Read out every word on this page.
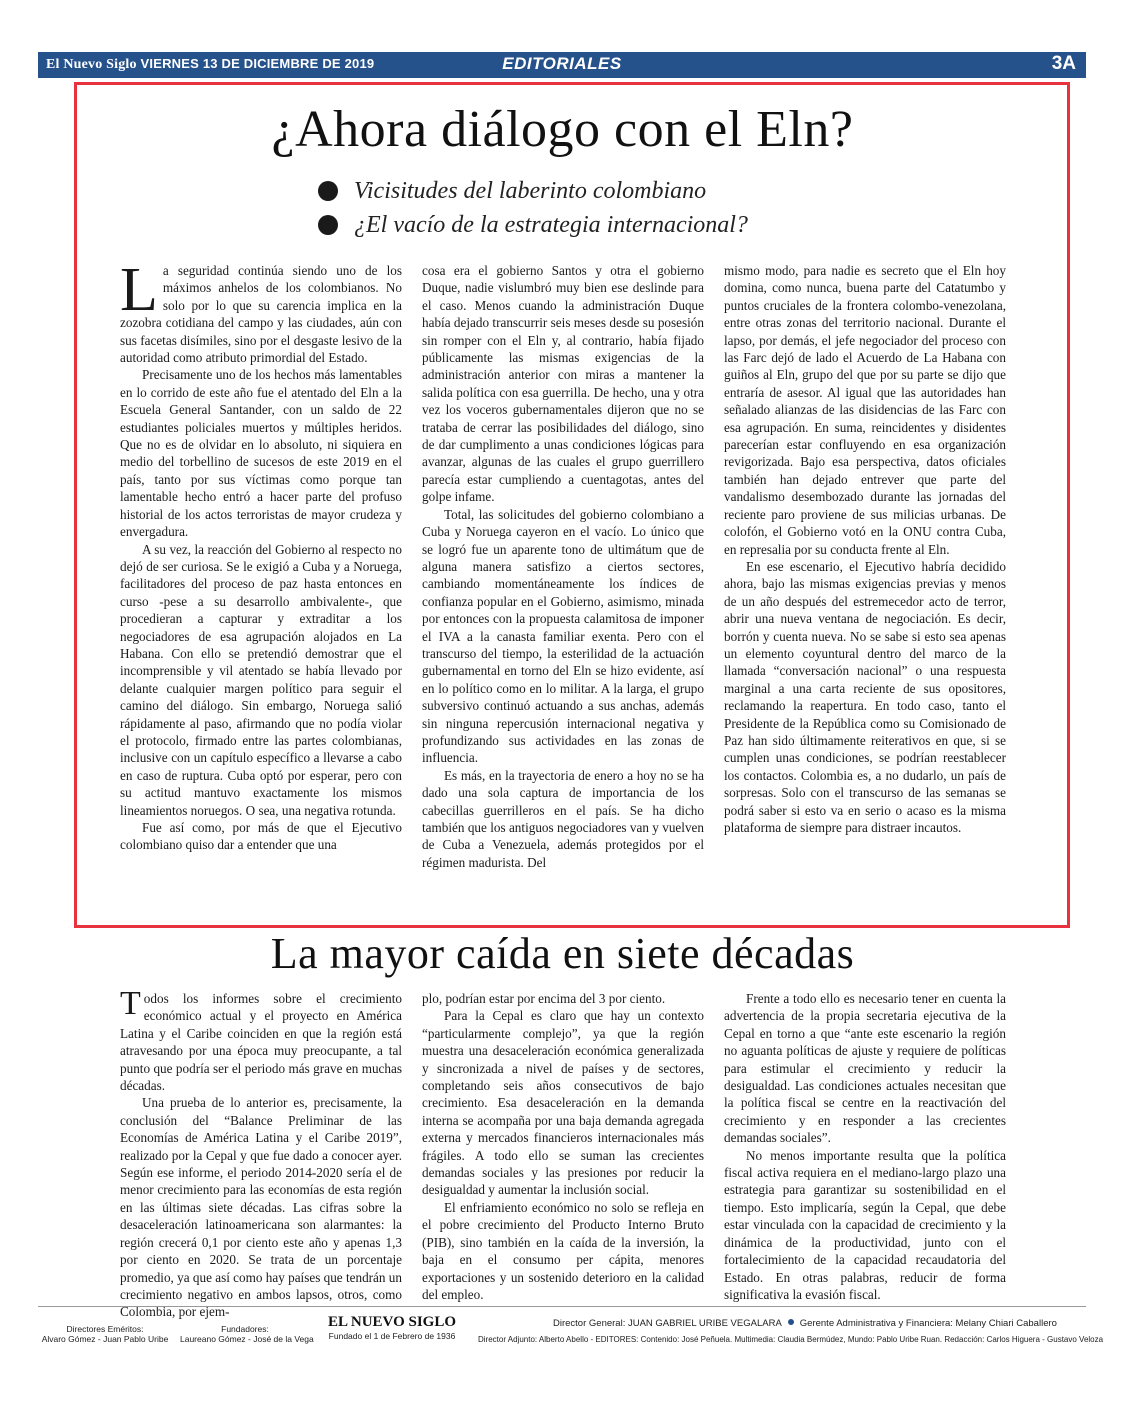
El Nuevo Siglo VIERNES 13 DE DICIEMBRE DE 2019	EDITORIALES	3A
¿Ahora diálogo con el Eln?
Vicisitudes del laberinto colombiano
¿El vacío de la estrategia internacional?

La seguridad continúa siendo uno de los máximos anhelos de los colombianos. No solo por lo que su carencia implica en la zozobra cotidiana del campo y las ciudades, aún con sus facetas disímiles, sino por el desgaste lesivo de la autoridad como atributo primordial del Estado.

Precisamente uno de los hechos más lamentables en lo corrido de este año fue el atentado del Eln a la Escuela General Santander, con un saldo de 22 estudiantes policiales muertos y múltiples heridos. Que no es de olvidar en lo absoluto, ni siquiera en medio del torbellino de sucesos de este 2019 en el país, tanto por sus víctimas como porque tan lamentable hecho entró a hacer parte del profuso historial de los actos terroristas de mayor crudeza y envergadura.

A su vez, la reacción del Gobierno al respecto no dejó de ser curiosa. Se le exigió a Cuba y a Noruega, facilitadores del proceso de paz hasta entonces en curso -pese a su desarrollo ambivalente-, que procedieran a capturar y extraditar a los negociadores de esa agrupación alojados en La Habana. Con ello se pretendió demostrar que el incomprensible y vil atentado se había llevado por delante cualquier margen político para seguir el camino del diálogo. Sin embargo, Noruega salió rápidamente al paso, afirmando que no podía violar el protocolo, firmado entre las partes colombianas, inclusive con un capítulo específico a llevarse a cabo en caso de ruptura. Cuba optó por esperar, pero con su actitud mantuvo exactamente los mismos lineamientos noruegos. O sea, una negativa rotunda.

Fue así como, por más de que el Ejecutivo colombiano quiso dar a entender que una

cosa era el gobierno Santos y otra el gobierno Duque, nadie vislumbró muy bien ese deslinde para el caso. Menos cuando la administración Duque había dejado transcurrir seis meses desde su posesión sin romper con el Eln y, al contrario, había fijado públicamente las mismas exigencias de la administración anterior con miras a mantener la salida política con esa guerrilla. De hecho, una y otra vez los voceros gubernamentales dijeron que no se trataba de cerrar las posibilidades del diálogo, sino de dar cumplimento a unas condiciones lógicas para avanzar, algunas de las cuales el grupo guerrillero parecía estar cumpliendo a cuentagotas, antes del golpe infame.

Total, las solicitudes del gobierno colombiano a Cuba y Noruega cayeron en el vacío. Lo único que se logró fue un aparente tono de ultimátum que de alguna manera satisfizo a ciertos sectores, cambiando momentáneamente los índices de confianza popular en el Gobierno, asimismo, minada por entonces con la propuesta calamitosa de imponer el IVA a la canasta familiar exenta. Pero con el transcurso del tiempo, la esterilidad de la actuación gubernamental en torno del Eln se hizo evidente, así en lo político como en lo militar. A la larga, el grupo subversivo continuó actuando a sus anchas, además sin ninguna repercusión internacional negativa y profundizando sus actividades en las zonas de influencia.

Es más, en la trayectoria de enero a hoy no se ha dado una sola captura de importancia de los cabecillas guerrilleros en el país. Se ha dicho también que los antiguos negociadores van y vuelven de Cuba a Venezuela, además protegidos por el régimen madurista. Del

mismo modo, para nadie es secreto que el Eln hoy domina, como nunca, buena parte del Catatumbo y puntos cruciales de la frontera colombo-venezolana, entre otras zonas del territorio nacional. Durante el lapso, por demás, el jefe negociador del proceso con las Farc dejó de lado el Acuerdo de La Habana con guiños al Eln, grupo del que por su parte se dijo que entraría de asesor. Al igual que las autoridades han señalado alianzas de las disidencias de las Farc con esa agrupación. En suma, reincidentes y disidentes parecerían estar confluyendo en esa organización revigorizada. Bajo esa perspectiva, datos oficiales también han dejado entrever que parte del vandalismo desembozado durante las jornadas del reciente paro proviene de sus milicias urbanas. De colofón, el Gobierno votó en la ONU contra Cuba, en represalia por su conducta frente al Eln.

En ese escenario, el Ejecutivo habría decidido ahora, bajo las mismas exigencias previas y menos de un año después del estremecedor acto de terror, abrir una nueva ventana de negociación. Es decir, borrón y cuenta nueva. No se sabe si esto sea apenas un elemento coyuntural dentro del marco de la llamada “conversación nacional” o una respuesta marginal a una carta reciente de sus opositores, reclamando la reapertura. En todo caso, tanto el Presidente de la República como su Comisionado de Paz han sido últimamente reiterativos en que, si se cumplen unas condiciones, se podrían reestablecer los contactos. Colombia es, a no dudarlo, un país de sorpresas. Solo con el transcurso de las semanas se podrá saber si esto va en serio o acaso es la misma plataforma de siempre para distraer incautos.

La mayor caída en siete décadas

Todos los informes sobre el crecimiento económico actual y el proyecto en América Latina y el Caribe coinciden en que la región está atravesando por una época muy preocupante, a tal punto que podría ser el periodo más grave en muchas décadas.

Una prueba de lo anterior es, precisamente, la conclusión del “Balance Preliminar de las Economías de América Latina y el Caribe 2019”, realizado por la Cepal y que fue dado a conocer ayer. Según ese informe, el periodo 2014-2020 sería el de menor crecimiento para las economías de esta región en las últimas siete décadas. Las cifras sobre la desaceleración latinoamericana son alarmantes: la región crecerá 0,1 por ciento este año y apenas 1,3 por ciento en 2020. Se trata de un porcentaje promedio, ya que así como hay países que tendrán un crecimiento negativo en ambos lapsos, otros, como Colombia, por ejem-

plo, podrían estar por encima del 3 por ciento.

Para la Cepal es claro que hay un contexto “particularmente complejo”, ya que la región muestra una desaceleración económica generalizada y sincronizada a nivel de países y de sectores, completando seis años consecutivos de bajo crecimiento. Esa desaceleración en la demanda interna se acompaña por una baja demanda agregada externa y mercados financieros internacionales más frágiles. A todo ello se suman las crecientes demandas sociales y las presiones por reducir la desigualdad y aumentar la inclusión social.

El enfriamiento económico no solo se refleja en el pobre crecimiento del Producto Interno Bruto (PIB), sino también en la caída de la inversión, la baja en el consumo per cápita, menores exportaciones y un sostenido deterioro en la calidad del empleo.

Frente a todo ello es necesario tener en cuenta la advertencia de la propia secretaria ejecutiva de la Cepal en torno a que “ante este escenario la región no aguanta políticas de ajuste y requiere de políticas para estimular el crecimiento y reducir la desigualdad. Las condiciones actuales necesitan que la política fiscal se centre en la reactivación del crecimiento y en responder a las crecientes demandas sociales”.

No menos importante resulta que la política fiscal activa requiera en el mediano-largo plazo una estrategia para garantizar su sostenibilidad en el tiempo. Esto implicaría, según la Cepal, que debe estar vinculada con la capacidad de crecimiento y la dinámica de la productividad, junto con el fortalecimiento de la capacidad recaudatoria del Estado. En otras palabras, reducir de forma significativa la evasión fiscal.

Directores Eméritos:
Alvaro Gómez - Juan Pablo Uribe
Fundadores:
Laureano Gómez - José de la Vega
EL NUEVO SIGLO
Fundado el 1 de Febrero de 1936
Director General: JUAN GABRIEL URIBE VEGALARA Gerente Administrativa y Financiera: Melany Chiari Caballero
Director Adjunto: Alberto Abello - EDITORES: Contenido: José Peñuela. Multimedia: Claudia Bermúdez, Mundo: Pablo Uribe Ruan. Redacción: Carlos Higuera - Gustavo Veloza
